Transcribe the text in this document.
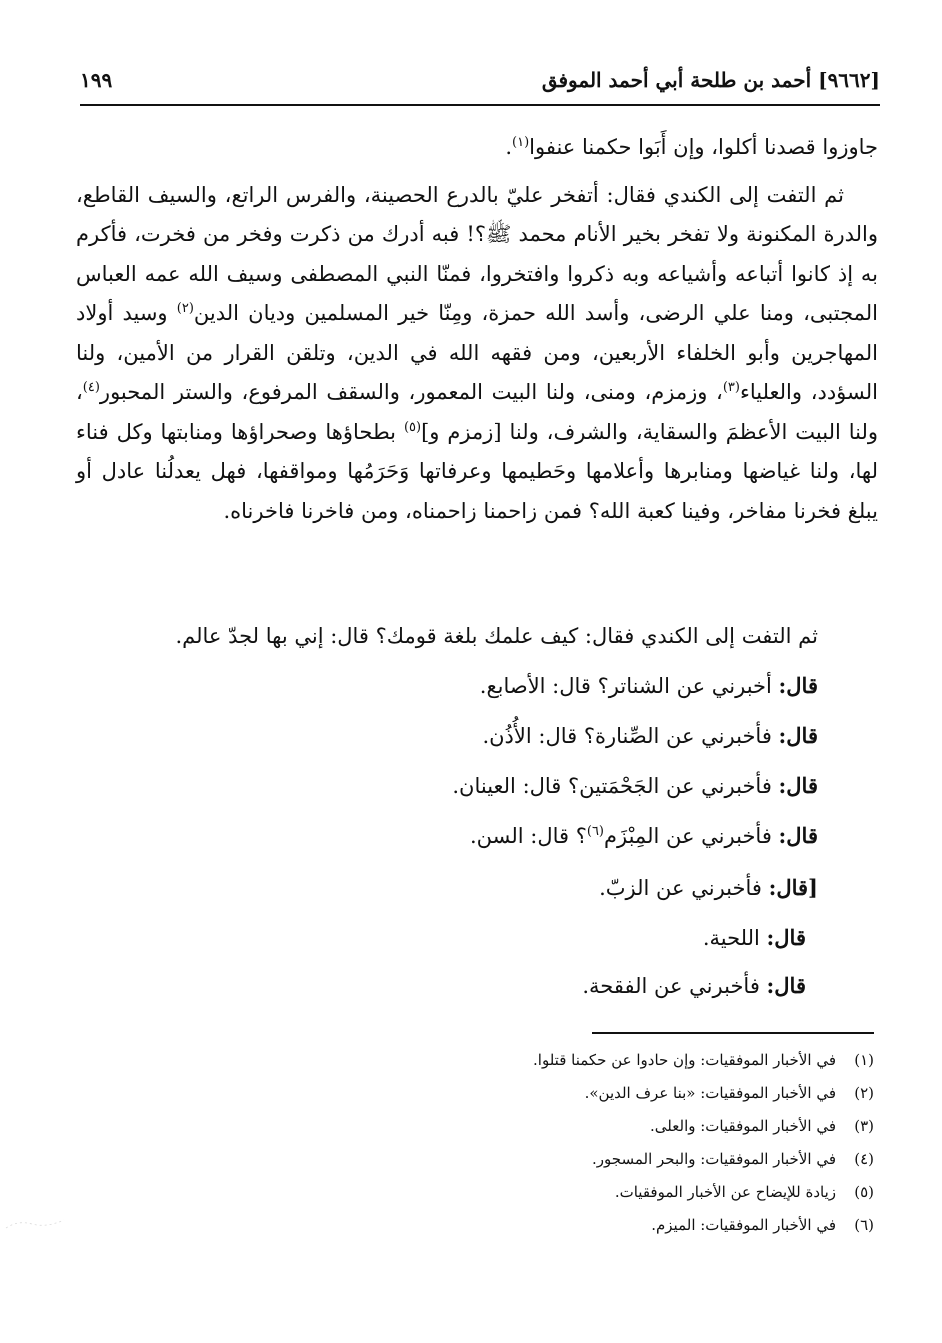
[٩٦٦٢] أحمد بن طلحة أبي أحمد الموفق
١٩٩

جاوزوا قصدنا أكلوا، وإن أَبَوا حكمنا عنفوا$^{(١)}$.

ثم التفت إلى الكندي فقال: أتفخر عليّ بالدرع الحصينة، والفرس الراتع، والسيف القاطع، والدرة المكنونة ولا تفخر بخير الأنام محمد ﷺ؟! فبه أدرك من ذكرت وفخر من فخرت، فأكرم به إذ كانوا أتباعه وأشياعه وبه ذكروا وافتخروا، فمنّا النبي المصطفى وسيف الله عمه العباس المجتبى، ومنا علي الرضى، وأسد الله حمزة، ومِنّا خير المسلمين وديان الدين$^{(٢)}$ وسيد أولاد المهاجرين وأبو الخلفاء الأربعين، ومن فقهه الله في الدين، وتلقن القرار من الأمين، ولنا السؤدد، والعلياء$^{(٣)}$، وزمزم، ومنى، ولنا البيت المعمور، والسقف المرفوع، والستر المحبور$^{(٤)}$، ولنا البيت الأعظمَ والسقاية، والشرف، ولنا [زمزم و]$^{(٥)}$ بطحاؤها وصحراؤها ومنابتها وكل فناء لها، ولنا غياضها ومنابرها وأعلامها وحَطيمها وعرفاتها وَحَرَمُها ومواقفها، فهل يعدلُنا عادل أو يبلغ فخرنا مفاخر، وفينا كعبة الله؟ فمن زاحمنا زاحمناه، ومن فاخرنا فاخرناه.

ثم التفت إلى الكندي فقال: كيف علمك بلغة قومك؟ قال: إني بها لجدّ عالم.
قال: أخبرني عن الشناتر؟ قال: الأصابع.
قال: فأخبرني عن الصِّنارة؟ قال: الأُذُن.
قال: فأخبرني عن الجَحْمَتين؟ قال: العينان.
قال: فأخبرني عن المِبْزَم$^{(٦)}$؟ قال: السن.
[قال: فأخبرني عن الزبّ.
قال: اللحية.
قال: فأخبرني عن الفقحة.
(١)في الأخبار الموفقيات: وإن حادوا عن حكمنا قتلوا.
(٢)في الأخبار الموفقيات: «بنا عرف الدين».
(٣)في الأخبار الموفقيات: والعلى.
(٤)في الأخبار الموفقيات: والبحر المسجور.
(٥)زيادة للإيضاح عن الأخبار الموفقيات.
(٦)في الأخبار الموفقيات: الميزم.
